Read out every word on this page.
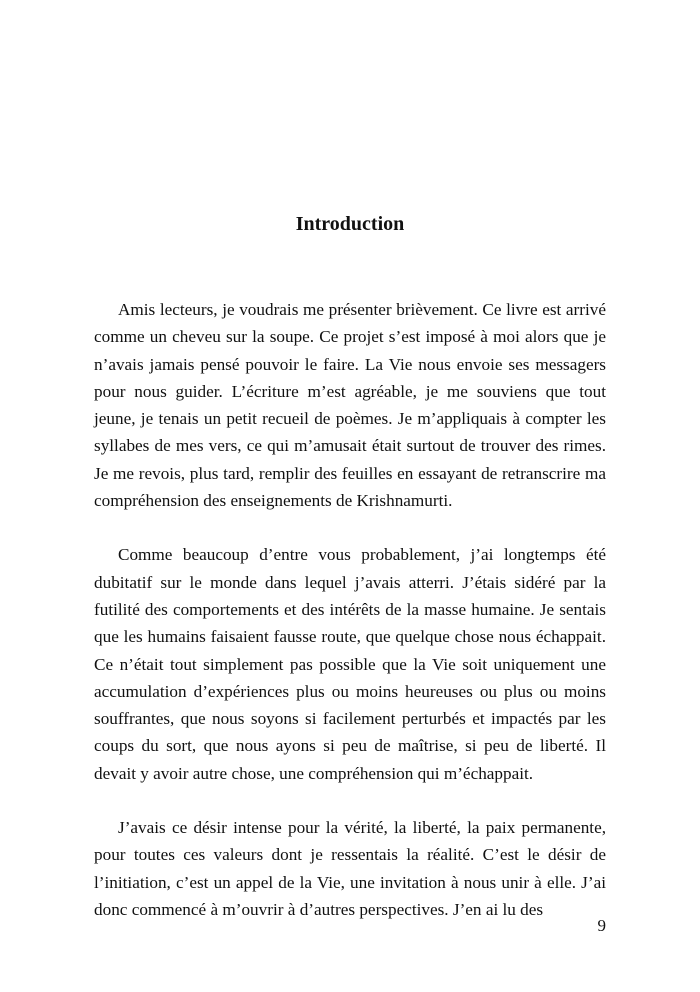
Introduction

Amis lecteurs, je voudrais me présenter brièvement. Ce livre est arrivé comme un cheveu sur la soupe. Ce projet s’est imposé à moi alors que je n’avais jamais pensé pouvoir le faire. La Vie nous envoie ses messagers pour nous guider. L’écriture m’est agréable, je me souviens que tout jeune, je tenais un petit recueil de poèmes. Je m’appliquais à compter les syllabes de mes vers, ce qui m’amusait était surtout de trouver des rimes. Je me revois, plus tard, remplir des feuilles en essayant de retranscrire ma compréhension des enseignements de Krishnamurti.

Comme beaucoup d’entre vous probablement, j’ai longtemps été dubitatif sur le monde dans lequel j’avais atterri. J’étais sidéré par la futilité des comportements et des intérêts de la masse humaine. Je sentais que les humains faisaient fausse route, que quelque chose nous échappait. Ce n’était tout simplement pas possible que la Vie soit uniquement une accumulation d’expériences plus ou moins heureuses ou plus ou moins souffrantes, que nous soyons si facilement perturbés et impactés par les coups du sort, que nous ayons si peu de maîtrise, si peu de liberté. Il devait y avoir autre chose, une compréhension qui m’échappait.

J’avais ce désir intense pour la vérité, la liberté, la paix permanente, pour toutes ces valeurs dont je ressentais la réalité. C’est le désir de l’initiation, c’est un appel de la Vie, une invitation à nous unir à elle. J’ai donc commencé à m’ouvrir à d’autres perspectives. J’en ai lu des

9
